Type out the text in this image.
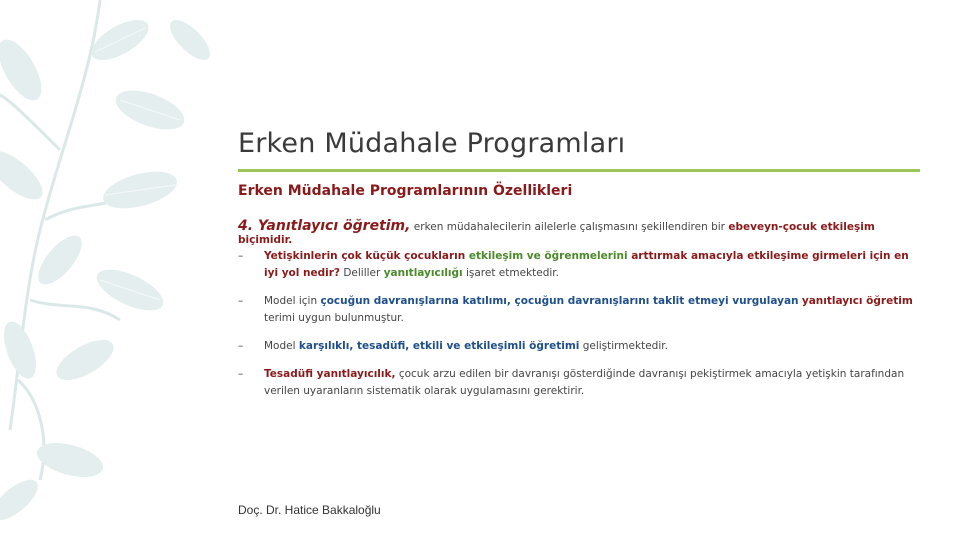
Erken Müdahale Programları
Erken Müdahale Programlarının Özellikleri
4. Yanıtlayıcı öğretim, erken müdahalecilerin ailelerle çalışmasını şekillendiren bir ebeveyn-çocuk etkileşim biçimidir.
– Yetişkinlerin çok küçük çocukların etkileşim ve öğrenmelerini arttırmak amacıyla etkileşime girmeleri için en iyi yol nedir? Deliller yanıtlayıcılığı işaret etmektedir.
– Model için çocuğun davranışlarına katılımı, çocuğun davranışlarını taklit etmeyi vurgulayan yanıtlayıcı öğretim terimi uygun bulunmuştur.
– Model karşılıklı, tesadüfi, etkili ve etkileşimli öğretimi geliştirmektedir.
– Tesadüfi yanıtlayıcılık, çocuk arzu edilen bir davranışı gösterdiğinde davranışı pekiştirmek amacıyla yetişkin tarafından verilen uyaranların sistematik olarak uygulamasını gerektirir.
Doç. Dr. Hatice Bakkaloğlu
